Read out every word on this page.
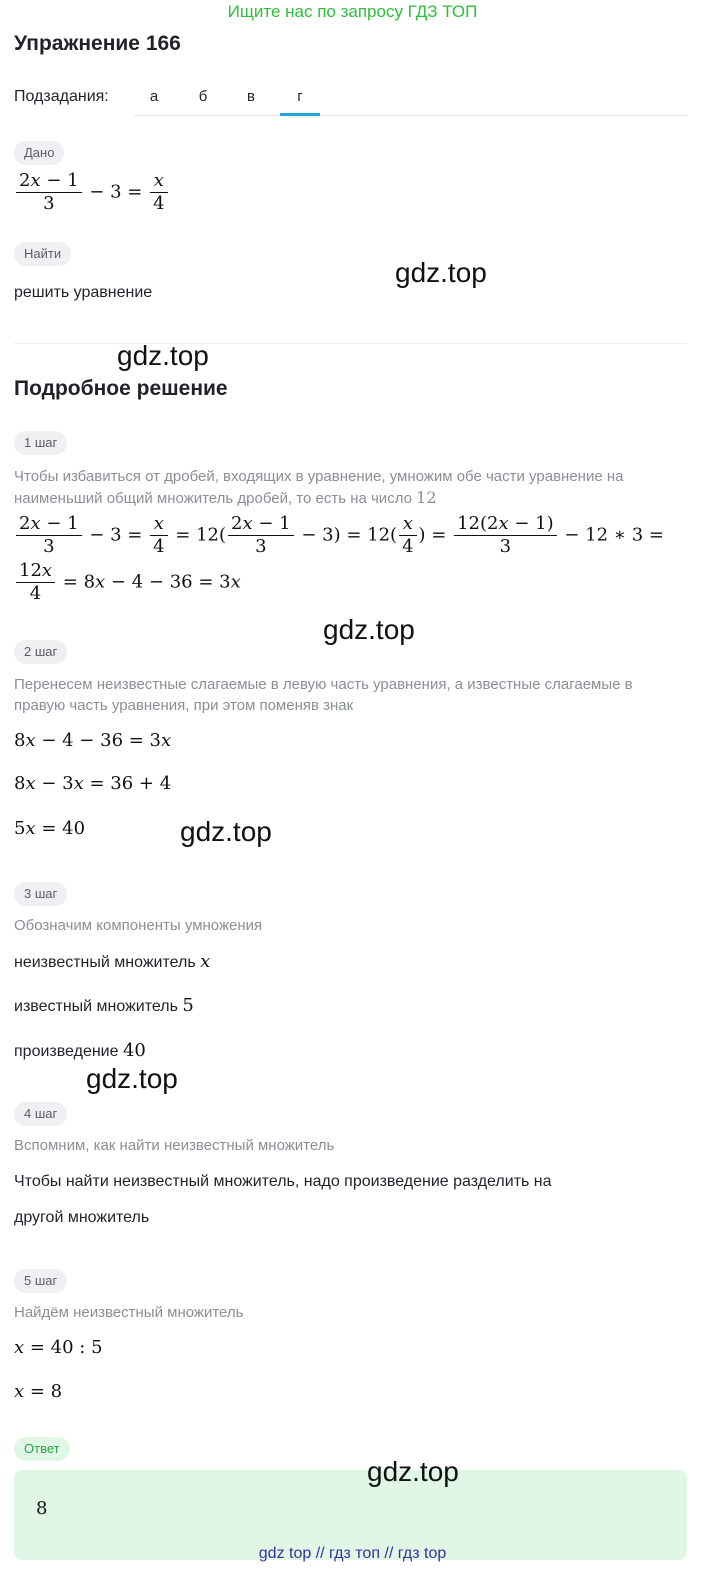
Ищите нас по запросу ГДЗ ТОП
Упражнение 166
Подзадания:	а	б	в	г
Дано
$\frac{2x - 1}{3} - 3 = \frac{x}{4}$
Найти
решить уравнение
Подробное решение
1 шаг
Чтобы избавиться от дробей, входящих в уравнение, умножим обе части уравнение на
наименьший общий множитель дробей, то есть на число 12
$\frac{2x - 1}{3} - 3 = \frac{x}{4} = 12( \frac{2x - 1}{3} - 3) = 12( \frac{x}{4}$ ) = $\frac{12(2x - 1)}{3} - 12$ ∗ 3 =
$\frac{12x}{4} = 8x - 4 - 36 = 3x$
2 шаг
Перенесем неизвестные слагаемые в левую часть уравнения, а известные слагаемые в
правую часть уравнения, при этом поменяв знак
8x − 4 − 36 = 3x
8x − 3x = 36 + 4
5x = 40
3 шаг
Обозначим компоненты умножения
неизвестный множитель x
известный множитель 5
произведение 40
4 шаг
Вспомним, как найти неизвестный множитель
Чтобы найти неизвестный множитель, надо произведение разделить на
другой множитель
5 шаг
Найдём неизвестный множитель
x = 40 : 5
x = 8
Ответ
8
gdz.top
gdz.top
gdz.top
gdz.top
gdz.top
gdz.top
gdz top // гдз топ // гдз top
